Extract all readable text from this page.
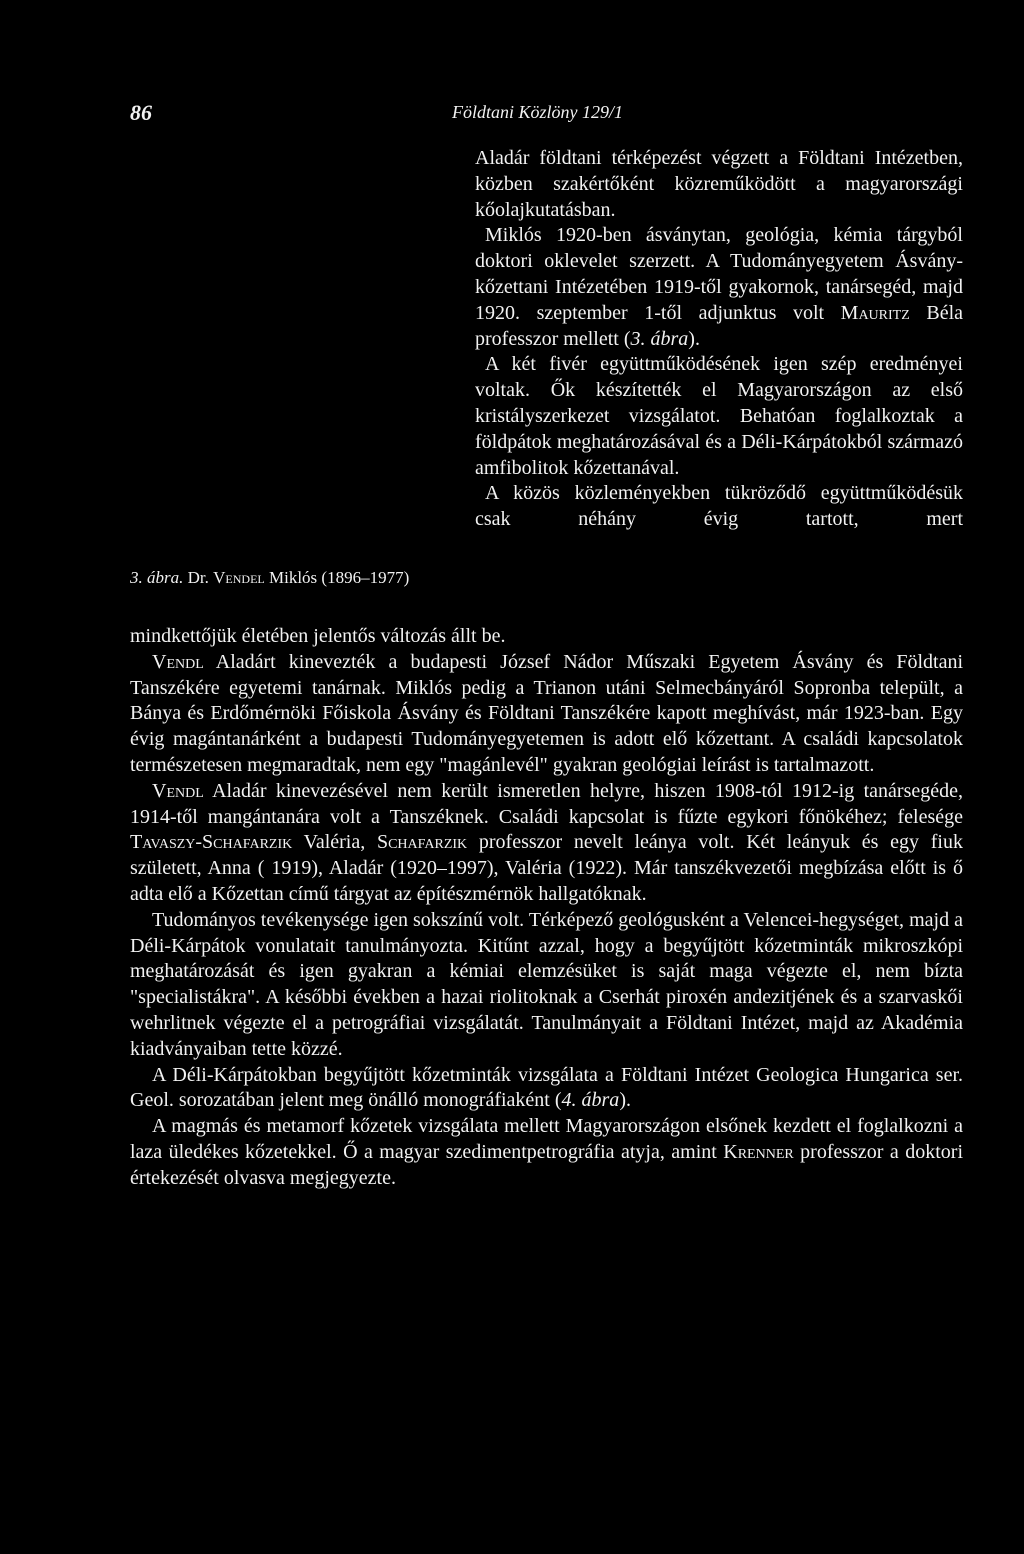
86	Földtani Közlöny 129/1

Aladár földtani térképezést végzett a Földtani Intézetben, közben szakértőként közreműködött a magyarországi kőolajkutatásban.

Miklós 1920-ben ásványtan, geológia, kémia tárgyból doktori oklevelet szerzett. A Tudományegyetem Ásvány-kőzettani Intézetében 1919-től gyakornok, tanársegéd, majd 1920. szeptember 1-től adjunktus volt Mauritz Béla professzor mellett (3. ábra).

A két fivér együttműködésének igen szép eredményei voltak. Ők készítették el Magyarországon az első kristályszerkezet vizsgálatot. Behatóan foglalkoztak a földpátok meghatározásával és a Déli-Kárpátokból származó amfibolitok kőzettanával.

A közös közleményekben tükröződő együttműködésük csak néhány évig tartott, mert

3. ábra. Dr. Vendel Miklós (1896–1977)

mindkettőjük életében jelentős változás állt be.

Vendl Aladárt kinevezték a budapesti József Nádor Műszaki Egyetem Ásvány és Földtani Tanszékére egyetemi tanárnak. Miklós pedig a Trianon utáni Selmecbányáról Sopronba települt, a Bánya és Erdőmérnöki Főiskola Ásvány és Földtani Tanszékére kapott meghívást, már 1923-ban. Egy évig magántanárként a budapesti Tudományegyetemen is adott elő kőzettant. A családi kapcsolatok természetesen megmaradtak, nem egy "magánlevél" gyakran geológiai leírást is tartalmazott.

Vendl Aladár kinevezésével nem került ismeretlen helyre, hiszen 1908-tól 1912-ig tanársegéde, 1914-től mangántanára volt a Tanszéknek. Családi kapcsolat is fűzte egykori főnökéhez; felesége Tavaszy-Schafarzik Valéria, Schafarzik professzor nevelt leánya volt. Két leányuk és egy fiuk született, Anna ( 1919), Aladár (1920–1997), Valéria (1922). Már tanszékvezetői megbízása előtt is ő adta elő a Kőzettan című tárgyat az építészmérnök hallgatóknak.

Tudományos tevékenysége igen sokszínű volt. Térképező geológusként a Velencei-hegységet, majd a Déli-Kárpátok vonulatait tanulmányozta. Kitűnt azzal, hogy a begyűjtött kőzetminták mikroszkópi meghatározását és igen gyakran a kémiai elemzésüket is saját maga végezte el, nem bízta "specialistákra". A későbbi években a hazai riolitoknak a Cserhát piroxén andezitjének és a szarvaskői wehrlitnek végezte el a petrográfiai vizsgálatát. Tanulmányait a Földtani Intézet, majd az Akadémia kiadványaiban tette közzé.

A Déli-Kárpátokban begyűjtött kőzetminták vizsgálata a Földtani Intézet Geologica Hungarica ser. Geol. sorozatában jelent meg önálló monográfiaként (4. ábra).

A magmás és metamorf kőzetek vizsgálata mellett Magyarországon elsőnek kezdett el foglalkozni a laza üledékes kőzetekkel. Ő a magyar szedimentpetrográfia atyja, amint Krenner professzor a doktori értekezését olvasva megjegyezte.
